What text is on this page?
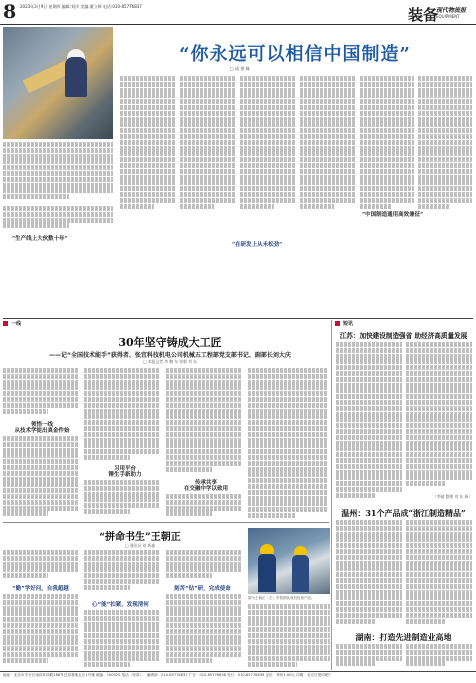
8 2023年3月9日 星期四 编辑:刘洋 美编:董立辉 电话:010-85776837	装备
现代物流报
EQUIPMENT
“你永远可以相信中国制造”
□ 邱 建 峰
“生产线上大伙数十年”
“在研发上从未松劲”
“中国制造通用高效兼征”
一线	短讯
30年坚守铸成大工匠
——记“全国技术能手”获得者、张宜科技机电公司机械五工程部党支部书记、副部长刘大庆
□ 本报记者 李 鹏 东 张朝 刘 东
领悟一线
从技术学徒出真金件始
习用平台
锤生手新助力
传承共享
在交融中学以致用
“拼命书生”王朝正
□ 通讯员 刘 炳森
“勤”学好问，自我超越
心“能”扣紧，发现清何
刻苦“钻”研，完成使命
图为王朝正（左）带着团队成员检查产品。
江苏：加快建设制造强省 助经济高质量发展
（李帧 整理 刘 东 瑞）
温州：31个产品成“浙江制造精品”
湖南：打造先进制造业高地
地址：北京市丰台区南四环西路188号总部基地五区1号楼 邮编：100070 电话（传真）：编辑部：010-85776837 广告：010-85776838 发行：010-85776839 定价：每份1.00元 印刷：北京日报印刷厂
